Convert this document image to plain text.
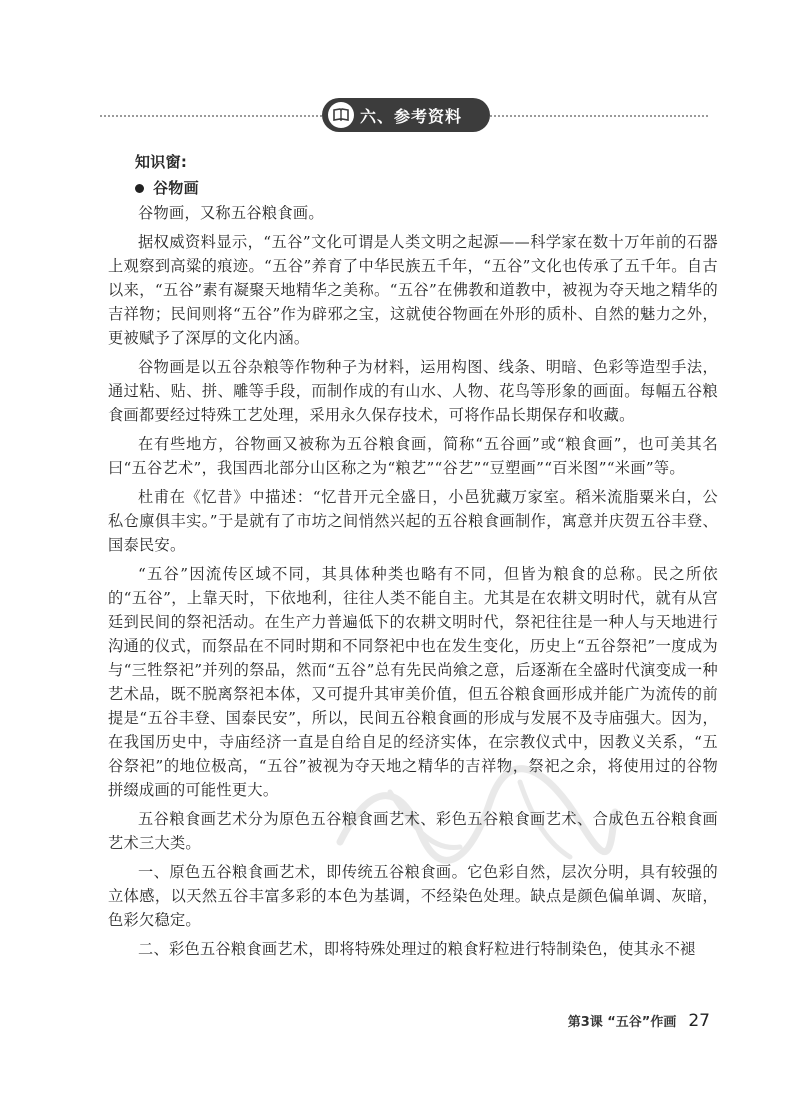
六、参考资料
知识窗:
谷物画

谷物画，又称五谷粮食画。

据权威资料显示，“五谷”文化可谓是人类文明之起源——科学家在数十万年前的石器上观察到高粱的痕迹。“五谷”养育了中华民族五千年，“五谷”文化也传承了五千年。自古以来，“五谷”素有凝聚天地精华之美称。“五谷”在佛教和道教中，被视为夺天地之精华的吉祥物；民间则将“五谷”作为辟邪之宝，这就使谷物画在外形的质朴、自然的魅力之外，更被赋予了深厚的文化内涵。

谷物画是以五谷杂粮等作物种子为材料，运用构图、线条、明暗、色彩等造型手法，通过粘、贴、拼、雕等手段，而制作成的有山水、人物、花鸟等形象的画面。每幅五谷粮食画都要经过特殊工艺处理，采用永久保存技术，可将作品长期保存和收藏。

在有些地方，谷物画又被称为五谷粮食画，简称“五谷画”或“粮食画”，也可美其名曰“五谷艺术”，我国西北部分山区称之为“粮艺”“谷艺”“豆塑画”“百米图”“米画”等。

杜甫在《忆昔》中描述：“忆昔开元全盛日，小邑犹藏万家室。稻米流脂粟米白，公私仓廪俱丰实。”于是就有了市坊之间悄然兴起的五谷粮食画制作，寓意并庆贺五谷丰登、国泰民安。

“五谷”因流传区域不同，其具体种类也略有不同，但皆为粮食的总称。民之所依的“五谷”，上靠天时，下依地利，往往人类不能自主。尤其是在农耕文明时代，就有从宫廷到民间的祭祀活动。在生产力普遍低下的农耕文明时代，祭祀往往是一种人与天地进行沟通的仪式，而祭品在不同时期和不同祭祀中也在发生变化，历史上“五谷祭祀”一度成为与“三牲祭祀”并列的祭品，然而“五谷”总有先民尚飨之意，后逐渐在全盛时代演变成一种艺术品，既不脱离祭祀本体，又可提升其审美价值，但五谷粮食画形成并能广为流传的前提是“五谷丰登、国泰民安”，所以，民间五谷粮食画的形成与发展不及寺庙强大。因为，在我国历史中，寺庙经济一直是自给自足的经济实体，在宗教仪式中，因教义关系，“五谷祭祀”的地位极高，“五谷”被视为夺天地之精华的吉祥物，祭祀之余，将使用过的谷物拼缀成画的可能性更大。

五谷粮食画艺术分为原色五谷粮食画艺术、彩色五谷粮食画艺术、合成色五谷粮食画艺术三大类。

一、原色五谷粮食画艺术，即传统五谷粮食画。它色彩自然，层次分明，具有较强的立体感，以天然五谷丰富多彩的本色为基调，不经染色处理。缺点是颜色偏单调、灰暗，色彩欠稳定。

二、彩色五谷粮食画艺术，即将特殊处理过的粮食籽粒进行特制染色，使其永不褪

第3课 “五谷”作画 27
